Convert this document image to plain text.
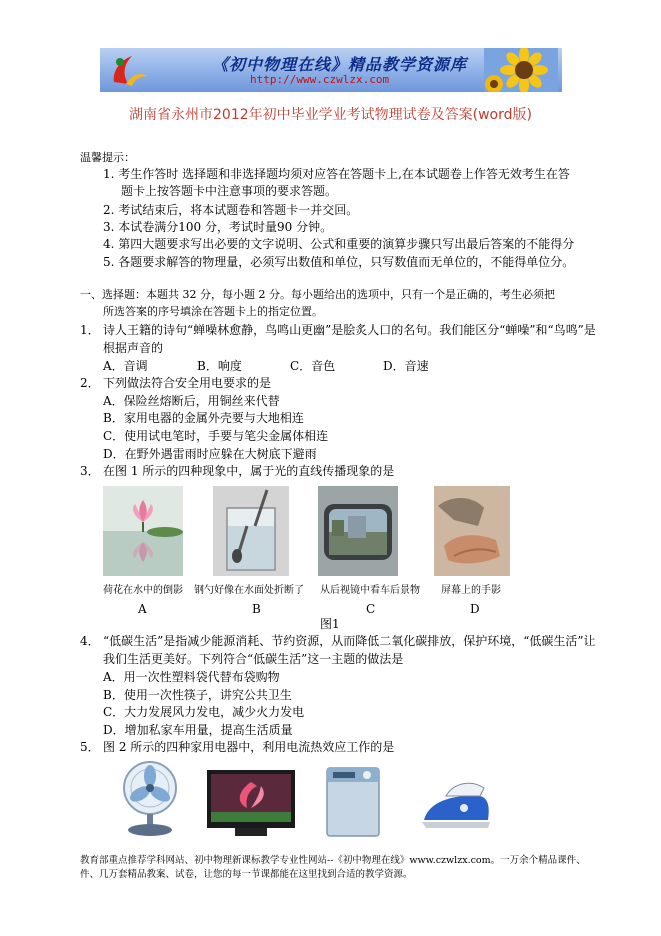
《初中物理在线》精品教学资源库
http://www.czwlzx.com
湖南省永州市2012年初中毕业学业考试物理试卷及答案(word版)
温馨提示：
1. 考生作答时 选择题和非选择题均须对应答在答题卡上,在本试题卷上作答无效考生在答
题卡上按答题卡中注意事项的要求答题。
2. 考试结束后，将本试题卷和答题卡一并交回。
3. 本试卷满分100 分，考试时量90 分钟。
4. 第四大题要求写出必要的文字说明、公式和重要的演算步骤只写出最后答案的不能得分
5. 各题要求解答的物理量，必须写出数值和单位，只写数值而无单位的，不能得单位分。
一、选择题：本题共 32 分，每小题 2 分。每小题给出的选项中，只有一个是正确的，考生必须把
所选答案的序号填涂在答题卡上的指定位置。
1． 诗人王籍的诗句“蝉噪林愈静，鸟鸣山更幽”是脍炙人口的名句。我们能区分“蝉噪”和“鸟鸣”是
根据声音的
A．音调	B．响度	C．音色	D．音速
2． 下列做法符合安全用电要求的是
A．保险丝熔断后，用铜丝来代替
B．家用电器的金属外壳要与大地相连
C．使用试电笔时，手要与笔尖金属体相连
D．在野外遇雷雨时应躲在大树底下避雨
3． 在图 1 所示的四种现象中，属于光的直线传播现象的是
荷花在水中的倒影 钢勺好像在水面处折断了 从后视镜中看车后景物 屏幕上的手影
A	B	C	D
图1
4． “低碳生活”是指减少能源消耗、节约资源，从而降低二氧化碳排放，保护环境，“低碳生活”让
我们生活更美好。下列符合“低碳生活”这一主题的做法是
A．用一次性塑料袋代替布袋购物
B．使用一次性筷子，讲究公共卫生
C．大力发展风力发电，减少火力发电
D．增加私家车用量，提高生活质量
5． 图 2 所示的四种家用电器中，利用电流热效应工作的是
教育部重点推荐学科网站、初中物理新课标教学专业性网站--《初中物理在线》www.czwlzx.com。一万余个精品课件、
件、几万套精品教案、试卷，让您的每一节课都能在这里找到合适的教学资源。
